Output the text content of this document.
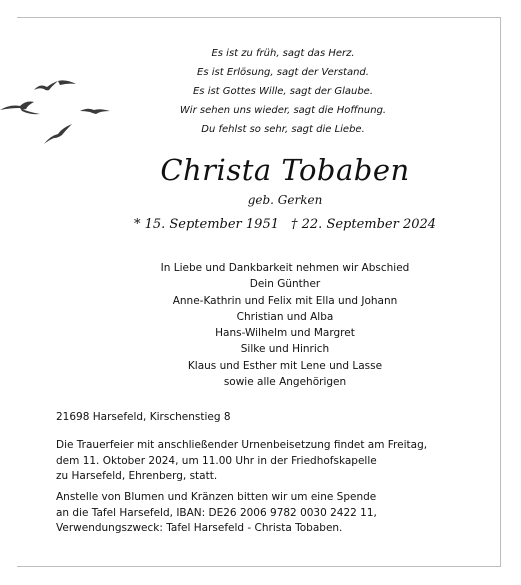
Es ist zu früh, sagt das Herz.
Es ist Erlösung, sagt der Verstand.
Es ist Gottes Wille, sagt der Glaube.
Wir sehen uns wieder, sagt die Hoffnung.
Du fehlst so sehr, sagt die Liebe.
Christa Tobaben
geb. Gerken
* 15. September 1951 † 22. September 2024
In Liebe und Dankbarkeit nehmen wir Abschied
Dein Günther
Anne-Kathrin und Felix mit Ella und Johann
Christian und Alba
Hans-Wilhelm und Margret
Silke und Hinrich
Klaus und Esther mit Lene und Lasse
sowie alle Angehörigen
21698 Harsefeld, Kirschenstieg 8
Die Trauerfeier mit anschließender Urnenbeisetzung findet am Freitag,
dem 11. Oktober 2024, um 11.00 Uhr in der Friedhofskapelle
zu Harsefeld, Ehrenberg, statt.
Anstelle von Blumen und Kränzen bitten wir um eine Spende
an die Tafel Harsefeld, IBAN: DE26 2006 9782 0030 2422 11,
Verwendungszweck: Tafel Harsefeld - Christa Tobaben.
